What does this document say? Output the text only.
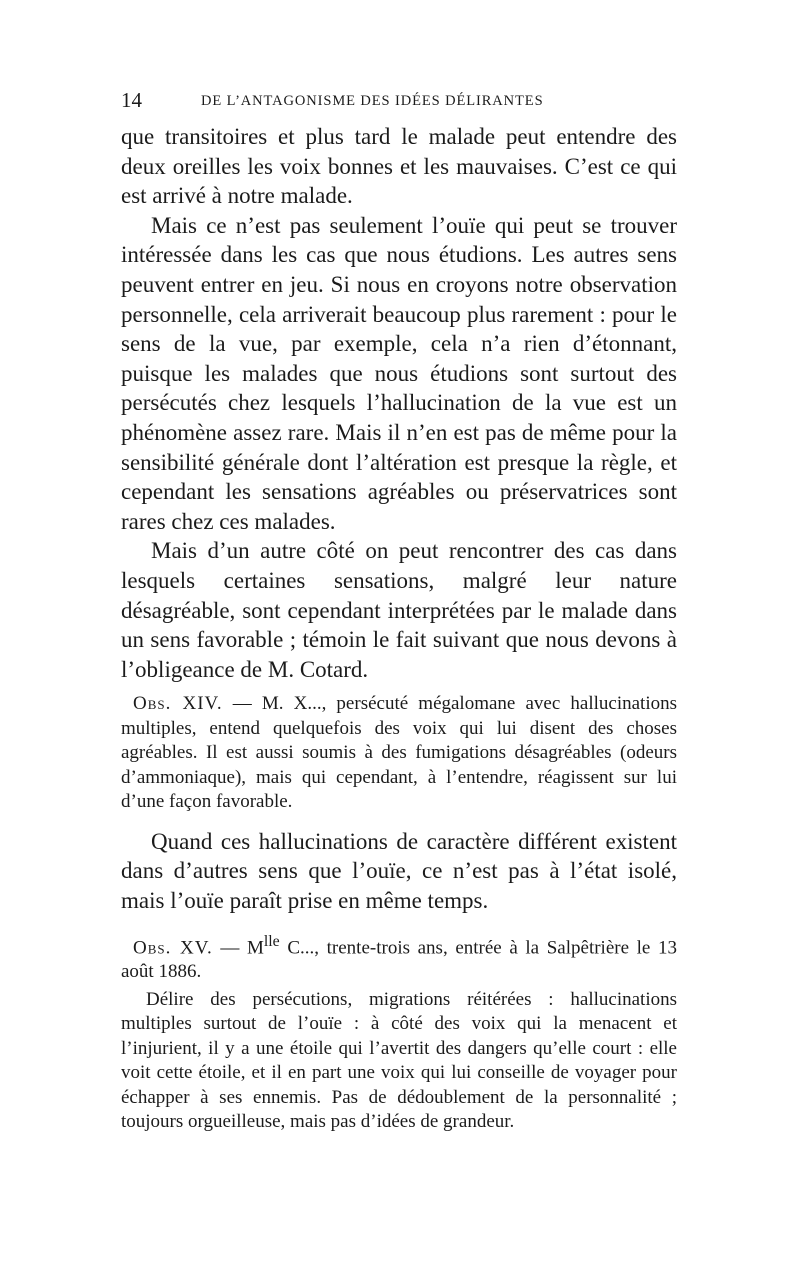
14	DE L’ANTAGONISME DES IDÉES DÉLIRANTES

que transitoires et plus tard le malade peut entendre des deux oreilles les voix bonnes et les mauvaises. C’est ce qui est arrivé à notre malade.

Mais ce n’est pas seulement l’ouïe qui peut se trouver intéressée dans les cas que nous étudions. Les autres sens peuvent entrer en jeu. Si nous en croyons notre observation personnelle, cela arriverait beaucoup plus rarement : pour le sens de la vue, par exemple, cela n’a rien d’étonnant, puisque les malades que nous étudions sont surtout des persécutés chez lesquels l’hallucination de la vue est un phénomène assez rare. Mais il n’en est pas de même pour la sensibilité générale dont l’altération est presque la règle, et cependant les sensations agréables ou préservatrices sont rares chez ces malades.

Mais d’un autre côté on peut rencontrer des cas dans lesquels certaines sensations, malgré leur nature désagréable, sont cependant interprétées par le malade dans un sens favorable ; témoin le fait suivant que nous devons à l’obligeance de M. Cotard.

Obs. XIV. — M. X..., persécuté mégalomane avec hallucinations multiples, entend quelquefois des voix qui lui disent des choses agréables. Il est aussi soumis à des fumigations désagréables (odeurs d’ammoniaque), mais qui cependant, à l’entendre, réagissent sur lui d’une façon favorable.

Quand ces hallucinations de caractère différent existent dans d’autres sens que l’ouïe, ce n’est pas à l’état isolé, mais l’ouïe paraît prise en même temps.

Obs. XV. — $M^{lle}$ C..., trente-trois ans, entrée à la Salpêtrière le 13 août 1886.

Délire des persécutions, migrations réitérées : hallucinations multiples surtout de l’ouïe : à côté des voix qui la menacent et l’injurient, il y a une étoile qui l’avertit des dangers qu’elle court : elle voit cette étoile, et il en part une voix qui lui conseille de voyager pour échapper à ses ennemis. Pas de dédoublement de la personnalité ; toujours orgueilleuse, mais pas d’idées de grandeur.
